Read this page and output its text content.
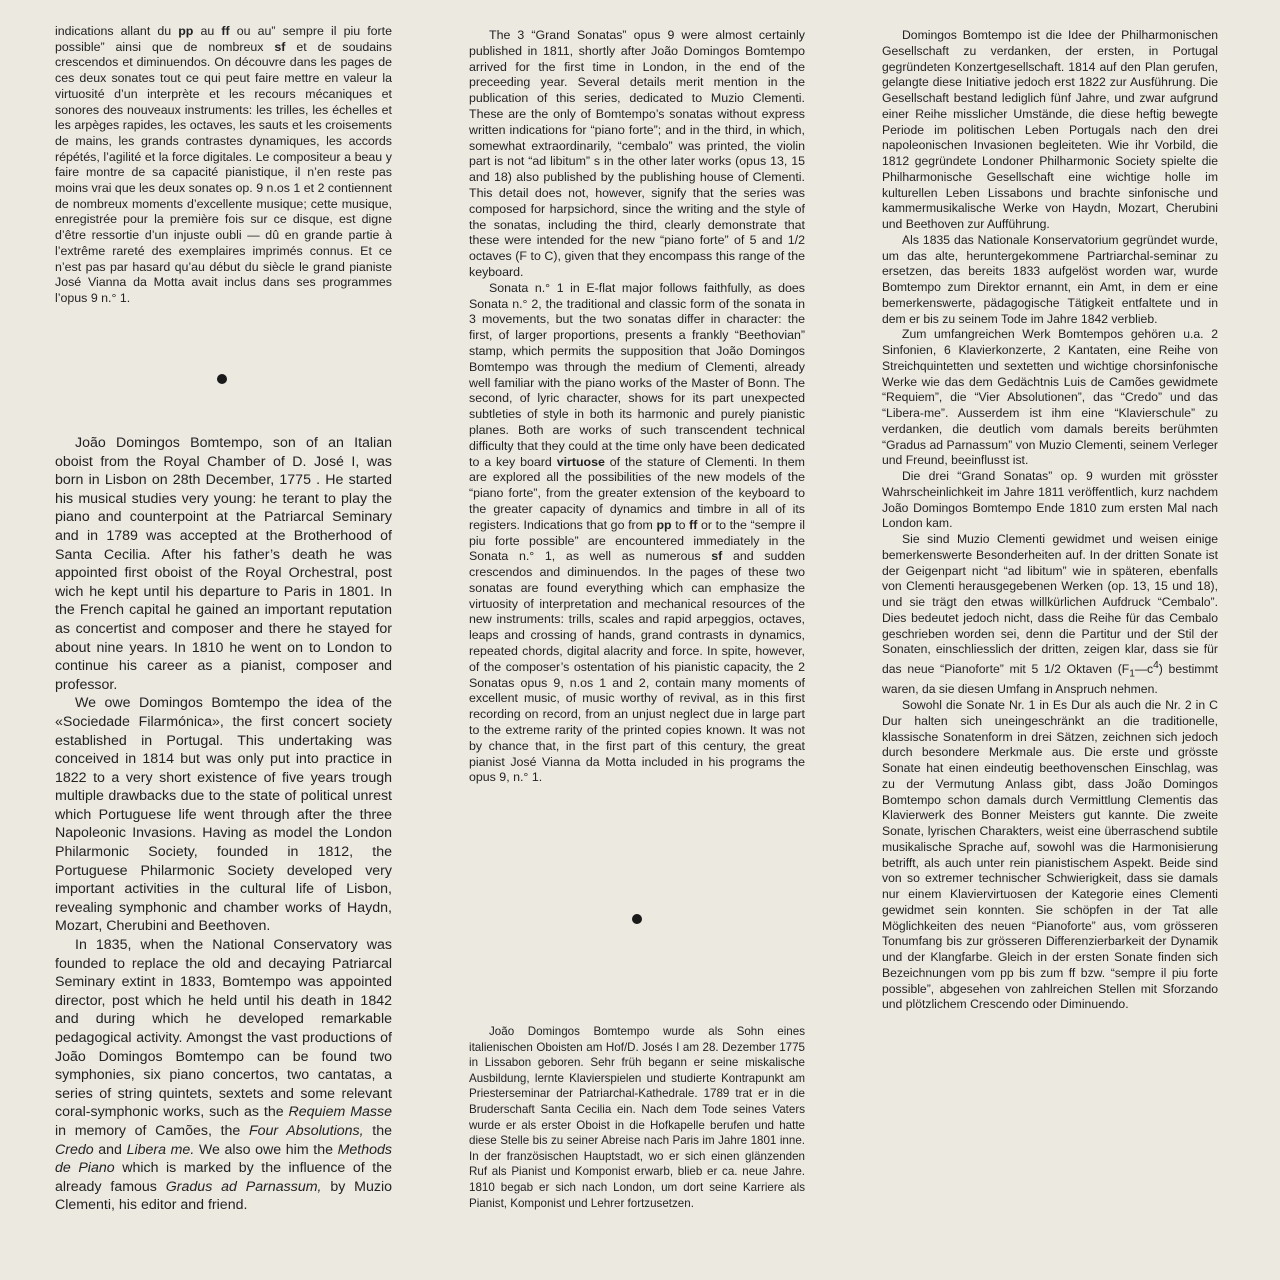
indications allant du pp au ff ou au” sempre il piu forte possible” ainsi que de nombreux sf et de soudains crescendos et diminuendos. On découvre dans les pages de ces deux sonates tout ce qui peut faire mettre en valeur la virtuosité d’un interprète et les recours mécaniques et sonores des nouveaux instruments: les trilles, les échelles et les arpèges rapides, les octaves, les sauts et les croisements de mains, les grands contrastes dynamiques, les accords répétés, l’agilité et la force digitales. Le compositeur a beau y faire montre de sa capacité pianistique, il n’en reste pas moins vrai que les deux sonates op. 9 n.os 1 et 2 contiennent de nombreux moments d’excellente musique; cette musique, enregistrée pour la première fois sur ce disque, est digne d’être ressortie d’un injuste oubli — dû en grande partie à l’extrême rareté des exemplaires imprimés connus. Et ce n’est pas par hasard qu’au début du siècle le grand pianiste José Vianna da Motta avait inclus dans ses programmes l’opus 9 n.° 1.

João Domingos Bomtempo, son of an Italian oboist from the Royal Chamber of D. José I, was born in Lisbon on 28th December, 1775 . He started his musical studies very young: he terant to play the piano and counterpoint at the Patriarcal Seminary and in 1789 was accepted at the Brotherhood of Santa Cecilia. After his father’s death he was appointed first oboist of the Royal Orchestral, post wich he kept until his departure to Paris in 1801. In the French capital he gained an important reputation as concertist and composer and there he stayed for about nine years. In 1810 he went on to London to continue his career as a pianist, composer and professor.

We owe Domingos Bomtempo the idea of the «Sociedade Filarmónica», the first concert society established in Portugal. This undertaking was conceived in 1814 but was only put into practice in 1822 to a very short existence of five years trough multiple drawbacks due to the state of political unrest which Portuguese life went through after the three Napoleonic Invasions. Having as model the London Philarmonic Society, founded in 1812, the Portuguese Philarmonic Society developed very important activities in the cultural life of Lisbon, revealing symphonic and chamber works of Haydn, Mozart, Cherubini and Beethoven.

In 1835, when the National Conservatory was founded to replace the old and decaying Patriarcal Seminary extint in 1833, Bomtempo was appointed director, post which he held until his death in 1842 and during which he developed remarkable pedagogical activity. Amongst the vast productions of João Domingos Bomtempo can be found two symphonies, six piano concertos, two cantatas, a series of string quintets, sextets and some relevant coral-symphonic works, such as the Requiem Masse in memory of Camões, the Four Absolutions, the Credo and Libera me. We also owe him the Methods de Piano which is marked by the influence of the already famous Gradus ad Parnassum, by Muzio Clementi, his editor and friend.

The 3 “Grand Sonatas” opus 9 were almost certainly published in 1811, shortly after João Domingos Bomtempo arrived for the first time in London, in the end of the preceeding year. Several details merit mention in the publication of this series, dedicated to Muzio Clementi. These are the only of Bomtempo’s sonatas without express written indications for “piano forte”; and in the third, in which, somewhat extraordinarily, “cembalo” was printed, the violin part is not “ad libitum” s in the other later works (opus 13, 15 and 18) also published by the publishing house of Clementi. This detail does not, however, signify that the series was composed for harpsichord, since the writing and the style of the sonatas, including the third, clearly demonstrate that these were intended for the new “piano forte” of 5 and 1/2 octaves (F to C), given that they encompass this range of the keyboard.

Sonata n.° 1 in E-flat major follows faithfully, as does Sonata n.° 2, the traditional and classic form of the sonata in 3 movements, but the two sonatas differ in character: the first, of larger proportions, presents a frankly “Beethovian” stamp, which permits the supposition that João Domingos Bomtempo was through the medium of Clementi, already well familiar with the piano works of the Master of Bonn. The second, of lyric character, shows for its part unexpected subtleties of style in both its harmonic and purely pianistic planes. Both are works of such transcendent technical difficulty that they could at the time only have been dedicated to a key board virtuose of the stature of Clementi. In them are explored all the possibilities of the new models of the “piano forte”, from the greater extension of the keyboard to the greater capacity of dynamics and timbre in all of its registers. Indications that go from pp to ff or to the “sempre il piu forte possible” are encountered immediately in the Sonata n.° 1, as well as numerous sf and sudden crescendos and diminuendos. In the pages of these two sonatas are found everything which can emphasize the virtuosity of interpretation and mechanical resources of the new instruments: trills, scales and rapid arpeggios, octaves, leaps and crossing of hands, grand contrasts in dynamics, repeated chords, digital alacrity and force. In spite, however, of the composer’s ostentation of his pianistic capacity, the 2 Sonatas opus 9, n.os 1 and 2, contain many moments of excellent music, of music worthy of revival, as in this first recording on record, from an unjust neglect due in large part to the extreme rarity of the printed copies known. It was not by chance that, in the first part of this century, the great pianist José Vianna da Motta included in his programs the opus 9, n.° 1.

João Domingos Bomtempo wurde als Sohn eines italienischen Oboisten am Hof/D. Josés I am 28. Dezember 1775 in Lissabon geboren. Sehr früh begann er seine miskalische Ausbildung, lernte Klavierspielen und studierte Kontrapunkt am Priesterseminar der Patriarchal-Kathedrale. 1789 trat er in die Bruderschaft Santa Cecilia ein. Nach dem Tode seines Vaters wurde er als erster Oboist in die Hofkapelle berufen und hatte diese Stelle bis zu seiner Abreise nach Paris im Jahre 1801 inne. In der französischen Hauptstadt, wo er sich einen glänzenden Ruf als Pianist und Komponist erwarb, blieb er ca. neue Jahre. 1810 begab er sich nach London, um dort seine Karriere als Pianist, Komponist und Lehrer fortzusetzen.

Domingos Bomtempo ist die Idee der Philharmonischen Gesellschaft zu verdanken, der ersten, in Portugal gegründeten Konzertgesellschaft. 1814 auf den Plan gerufen, gelangte diese Initiative jedoch erst 1822 zur Ausführung. Die Gesellschaft bestand lediglich fünf Jahre, und zwar aufgrund einer Reihe misslicher Umstände, die diese heftig bewegte Periode im politischen Leben Portugals nach den drei napoleonischen Invasionen begleiteten. Wie ihr Vorbild, die 1812 gegründete Londoner Philharmonic Society spielte die Philharmonische Gesellschaft eine wichtige holle im kulturellen Leben Lissabons und brachte sinfonische und kammermusikalische Werke von Haydn, Mozart, Cherubini und Beethoven zur Aufführung.

Als 1835 das Nationale Konservatorium gegründet wurde, um das alte, heruntergekommene Partriarchal-seminar zu ersetzen, das bereits 1833 aufgelöst worden war, wurde Bomtempo zum Direktor ernannt, ein Amt, in dem er eine bemerkenswerte, pädagogische Tätigkeit entfaltete und in dem er bis zu seinem Tode im Jahre 1842 verblieb.

Zum umfangreichen Werk Bomtempos gehören u.a. 2 Sinfonien, 6 Klavierkonzerte, 2 Kantaten, eine Reihe von Streichquintetten und sextetten und wichtige chorsinfonische Werke wie das dem Gedächtnis Luis de Camões gewidmete “Requiem”, die “Vier Absolutionen”, das “Credo” und das “Libera-me”. Ausserdem ist ihm eine “Klavierschule” zu verdanken, die deutlich vom damals bereits berühmten “Gradus ad Parnassum” von Muzio Clementi, seinem Verleger und Freund, beeinflusst ist.

Die drei “Grand Sonatas” op. 9 wurden mit grösster Wahrscheinlichkeit im Jahre 1811 veröffentlich, kurz nachdem João Domingos Bomtempo Ende 1810 zum ersten Mal nach London kam.

Sie sind Muzio Clementi gewidmet und weisen einige bemerkenswerte Besonderheiten auf. In der dritten Sonate ist der Geigenpart nicht “ad libitum” wie in späteren, ebenfalls von Clementi herausgegebenen Werken (op. 13, 15 und 18), und sie trägt den etwas willkürlichen Aufdruck “Cembalo”. Dies bedeutet jedoch nicht, dass die Reihe für das Cembalo geschrieben worden sei, denn die Partitur und der Stil der Sonaten, einschliesslich der dritten, zeigen klar, dass sie für das neue “Pianoforte” mit 5 1/2 Oktaven $(F_1—c^4)$ bestimmt waren, da sie diesen Umfang in Anspruch nehmen.

Sowohl die Sonate Nr. 1 in Es Dur als auch die Nr. 2 in C Dur halten sich uneingeschränkt an die traditionelle, klassische Sonatenform in drei Sätzen, zeichnen sich jedoch durch besondere Merkmale aus. Die erste und grösste Sonate hat einen eindeutig beethovenschen Einschlag, was zu der Vermutung Anlass gibt, dass João Domingos Bomtempo schon damals durch Vermittlung Clementis das Klavierwerk des Bonner Meisters gut kannte. Die zweite Sonate, lyrischen Charakters, weist eine überraschend subtile musikalische Sprache auf, sowohl was die Harmonisierung betrifft, als auch unter rein pianistischem Aspekt. Beide sind von so extremer technischer Schwierigkeit, dass sie damals nur einem Klaviervirtuosen der Kategorie eines Clementi gewidmet sein konnten. Sie schöpfen in der Tat alle Möglichkeiten des neuen “Pianoforte” aus, vom grösseren Tonumfang bis zur grösseren Differenzierbarkeit der Dynamik und der Klangfarbe. Gleich in der ersten Sonate finden sich Bezeichnungen vom pp bis zum ff bzw. “sempre il piu forte possible”, abgesehen von zahlreichen Stellen mit Sforzando und plötzlichem Crescendo oder Diminuendo.
